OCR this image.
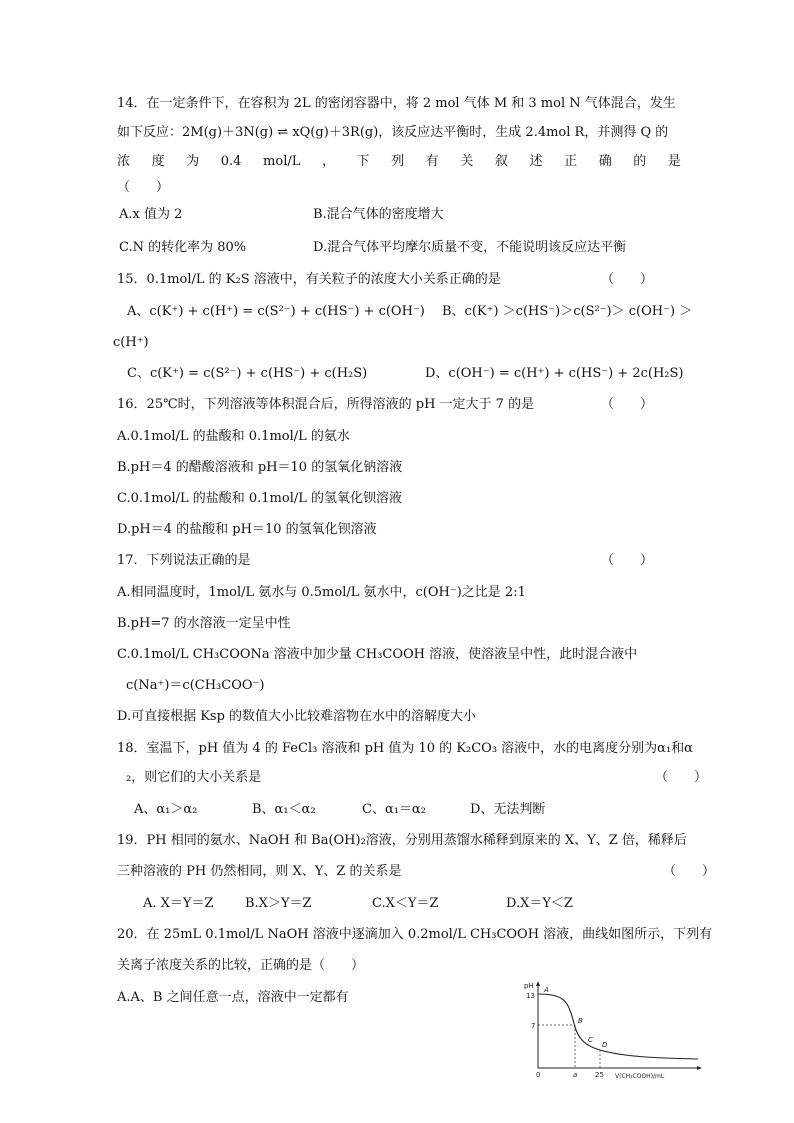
14．在一定条件下，在容积为 2L 的密闭容器中，将 2 mol 气体 M 和 3 mol N 气体混合，发生
如下反应：2M(g)＋3N(g) ⇌ xQ(g)＋3R(g)，该反应达平衡时，生成 2.4mol R，并测得 Q 的
浓 度 为 0.4 mol/L ， 下 列 有 关 叙 述 正 确 的 是
（　　）
A.x 值为 2	B.混合气体的密度增大
C.N 的转化率为 80%	D.混合气体平均摩尔质量不变，不能说明该反应达平衡
15．0.1mol/L 的 K₂S 溶液中，有关粒子的浓度大小关系正确的是	（　　）
A、c(K⁺) + c(H⁺) = c(S²⁻) + c(HS⁻) + c(OH⁻) B、c(K⁺) ＞c(HS⁻)＞c(S²⁻)＞ c(OH⁻) ＞
c(H⁺)
C、c(K⁺) = c(S²⁻) + c(HS⁻) + c(H₂S)	D、c(OH⁻) = c(H⁺) + c(HS⁻) + 2c(H₂S)
16．25℃时，下列溶液等体积混合后，所得溶液的 pH 一定大于 7 的是	（　　）
A.0.1mol/L 的盐酸和 0.1mol/L 的氨水
B.pH＝4 的醋酸溶液和 pH＝10 的氢氧化钠溶液
C.0.1mol/L 的盐酸和 0.1mol/L 的氢氧化钡溶液
D.pH＝4 的盐酸和 pH＝10 的氢氧化钡溶液
17．下列说法正确的是	（　　）
A.相同温度时，1mol/L 氨水与 0.5mol/L 氨水中，c(OH⁻)之比是 2:1
B.pH=7 的水溶液一定呈中性
C.0.1mol/L CH₃COONa 溶液中加少量 CH₃COOH 溶液，使溶液呈中性，此时混合液中
c(Na⁺)＝c(CH₃COO⁻)
D.可直接根据 Ksp 的数值大小比较难溶物在水中的溶解度大小
18．室温下，pH 值为 4 的 FeCl₃ 溶液和 pH 值为 10 的 K₂CO₃ 溶液中，水的电离度分别为α₁和α
₂，则它们的大小关系是	（　　）
A、α₁＞α₂	B、α₁＜α₂	C、α₁＝α₂	D、无法判断
19．PH 相同的氨水、NaOH 和 Ba(OH)₂溶液，分别用蒸馏水稀释到原来的 X、Y、Z 倍，稀释后
三种溶液的 PH 仍然相同，则 X、Y、Z 的关系是	（　　）
A. X＝Y＝Z B.X＞Y＝Z	C.X＜Y＝Z	D.X＝Y＜Z
20．在 25mL 0.1mol/L NaOH 溶液中逐滴加入 0.2mol/L CH₃COOH 溶液，曲线如图所示，下列有
关离子浓度关系的比较，正确的是（　　）
A.A、B 之间任意一点，溶液中一定都有
pH
13
7
0	a	25 V(CH₃COOH)/mL
A
B
C
D
